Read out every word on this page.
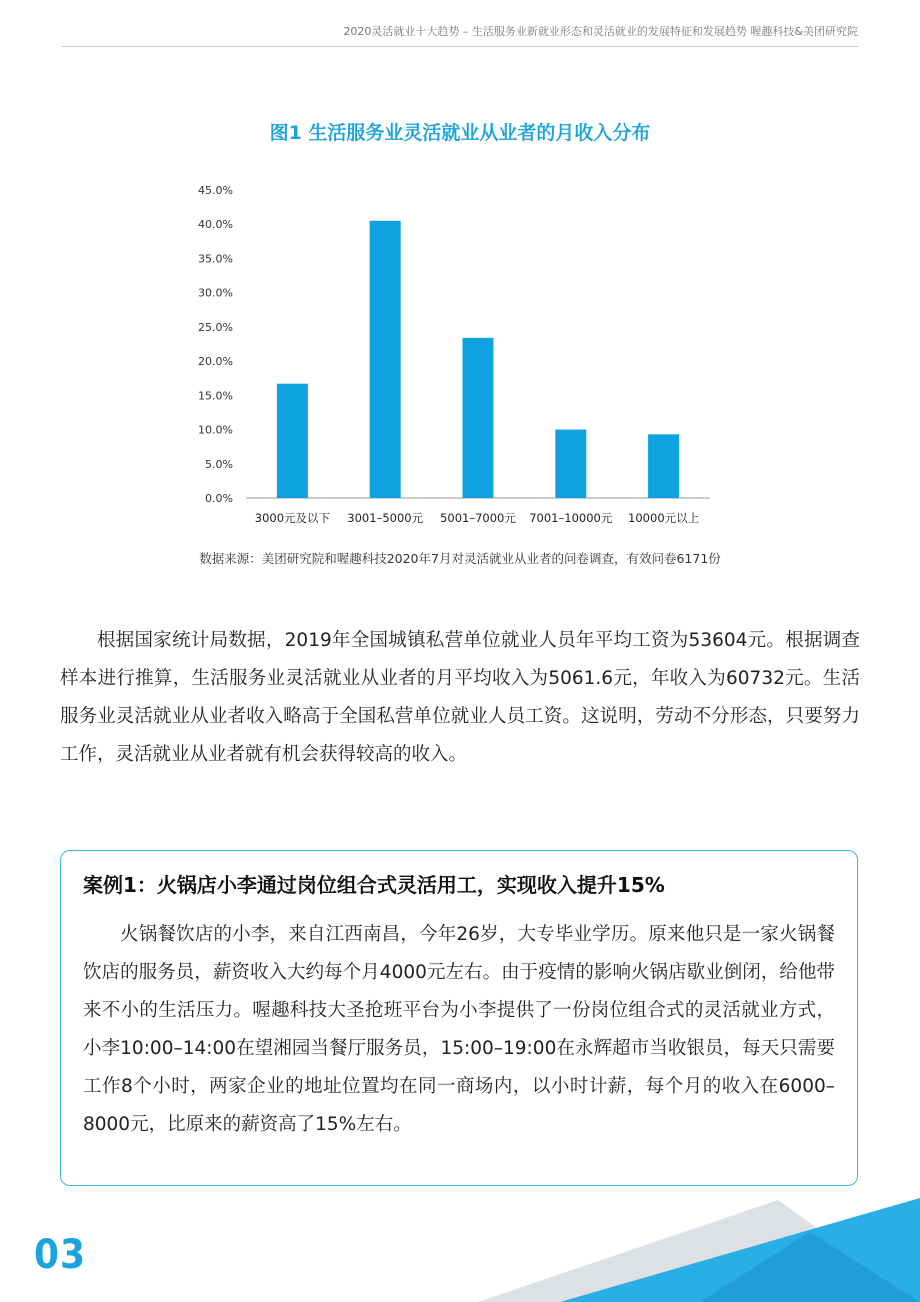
2020灵活就业十大趋势 – 生活服务业新就业形态和灵活就业的发展特征和发展趋势 喔趣科技&美团研究院
图1 生活服务业灵活就业从业者的月收入分布
0.0%
5.0%
10.0%
15.0%
20.0%
25.0%
30.0%
35.0%
40.0%
45.0%
3000元及以下 3001–5000元 5001–7000元 7001–10000元 10000元以上
数据来源：美团研究院和喔趣科技2020年7月对灵活就业从业者的问卷调查，有效问卷6171份

根据国家统计局数据，2019年全国城镇私营单位就业人员年平均工资为53604元。根据调查样本进行推算，生活服务业灵活就业从业者的月平均收入为5061.6元，年收入为60732元。生活服务业灵活就业从业者收入略高于全国私营单位就业人员工资。这说明，劳动不分形态，只要努力工作，灵活就业从业者就有机会获得较高的收入。

案例1：火锅店小李通过岗位组合式灵活用工，实现收入提升15%

火锅餐饮店的小李，来自江西南昌，今年26岁，大专毕业学历。原来他只是一家火锅餐饮店的服务员，薪资收入大约每个月4000元左右。由于疫情的影响火锅店歇业倒闭，给他带来不小的生活压力。喔趣科技大圣抢班平台为小李提供了一份岗位组合式的灵活就业方式，小李10:00–14:00在望湘园当餐厅服务员，15:00–19:00在永辉超市当收银员，每天只需要工作8个小时，两家企业的地址位置均在同一商场内，以小时计薪，每个月的收入在6000–8000元，比原来的薪资高了15%左右。

03
